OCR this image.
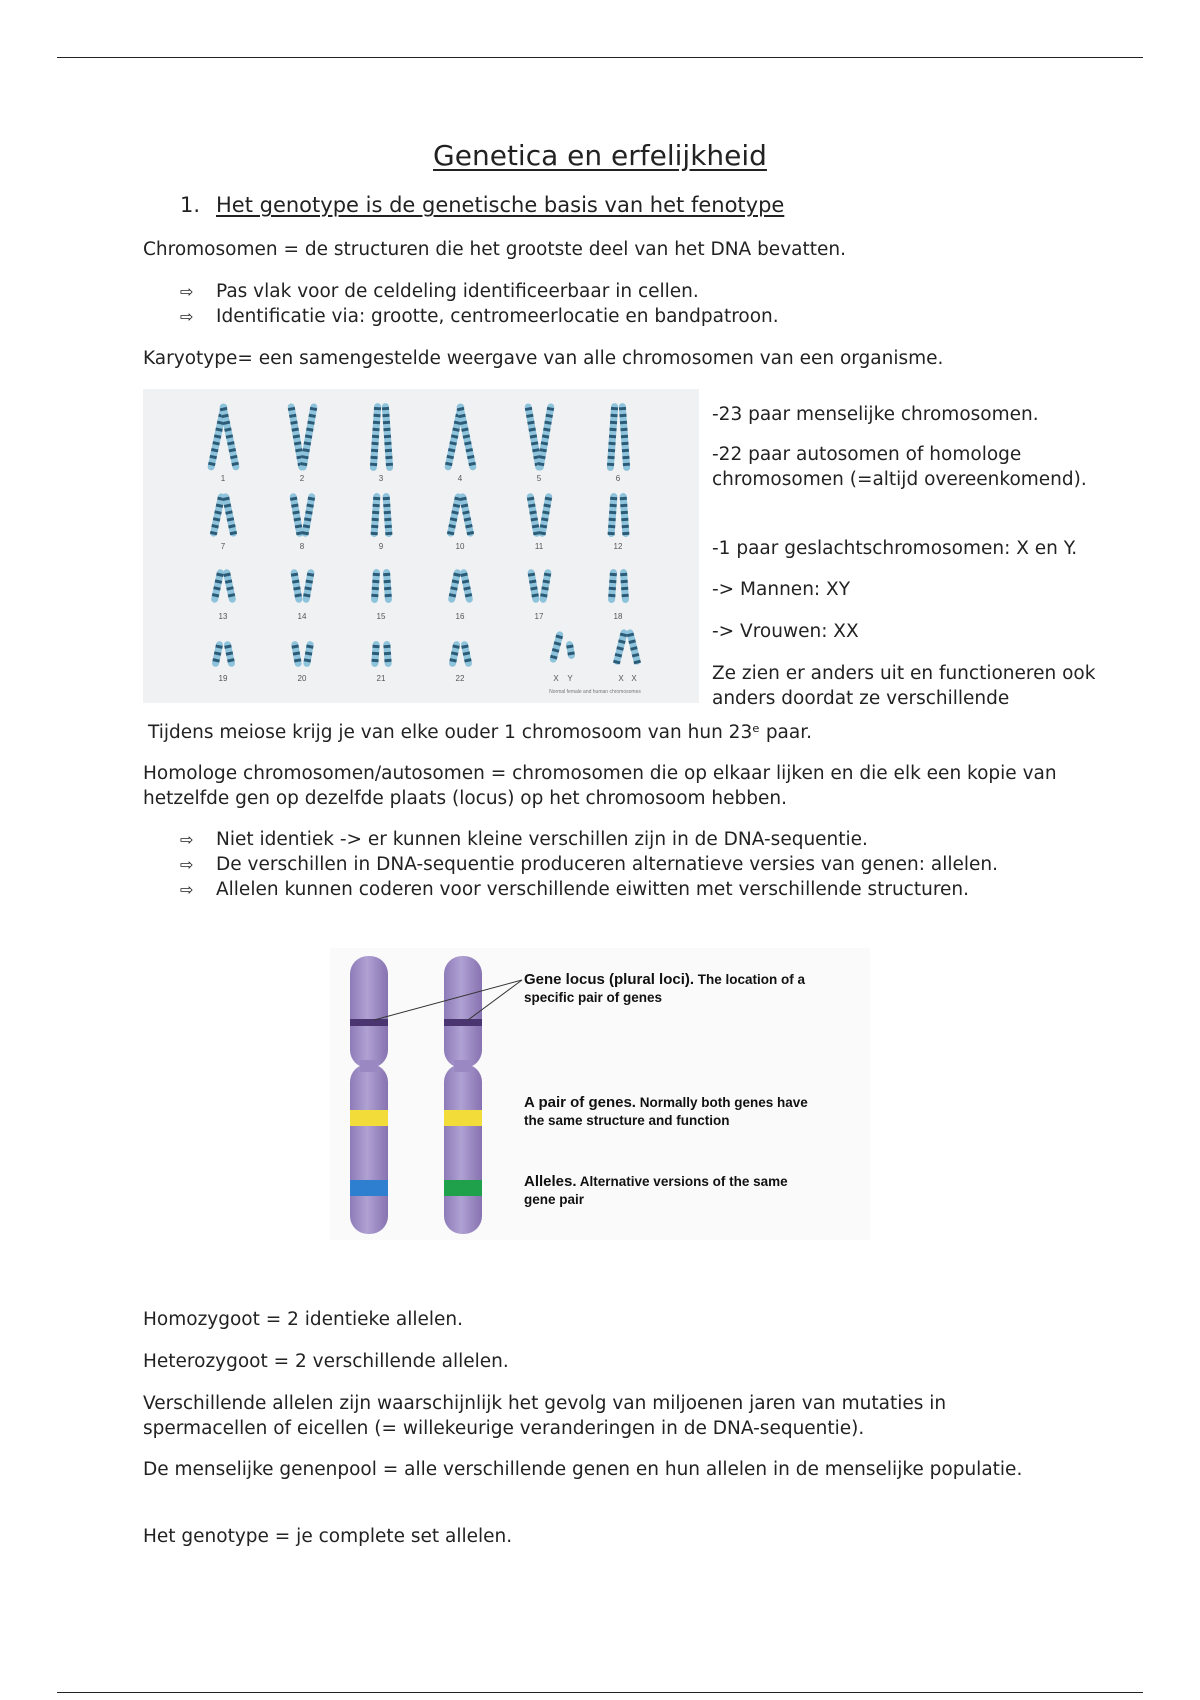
Genetica en erfelijkheid
1. Het genotype is de genetische basis van het fenotype
Chromosomen = de structuren die het grootste deel van het DNA bevatten.
⇨ Pas vlak voor de celdeling identificeerbaar in cellen.
⇨ Identificatie via: grootte, centromeerlocatie en bandpatroon.
Karyotype= een samengestelde weergave van alle chromosomen van een organisme.
1	2	3	4	5	6
7	8	9	10	11	12
13	14	15	16	17	18
19	20	21	22	X Y	X X
Normal female and human chromosomes
-23 paar menselijke chromosomen.
-22 paar autosomen of homologe chromosomen (=altijd overeenkomend).
-1 paar geslachtschromosomen: X en Y.
-> Mannen: XY
-> Vrouwen: XX
Ze zien er anders uit en functioneren ook anders doordat ze verschillende
Tijdens meiose krijg je van elke ouder 1 chromosoom van hun 23ᵉ paar.
Homologe chromosomen/autosomen = chromosomen die op elkaar lijken en die elk een kopie van hetzelfde gen op dezelfde plaats (locus) op het chromosoom hebben.
⇨ Niet identiek -> er kunnen kleine verschillen zijn in de DNA-sequentie.
⇨ De verschillen in DNA-sequentie produceren alternatieve versies van genen: allelen.
⇨ Allelen kunnen coderen voor verschillende eiwitten met verschillende structuren.
Gene locus (plural loci). The location of a
specific pair of genes
A pair of genes. Normally both genes have
the same structure and function
Alleles. Alternative versions of the same
gene pair
Homozygoot = 2 identieke allelen.
Heterozygoot = 2 verschillende allelen.
Verschillende allelen zijn waarschijnlijk het gevolg van miljoenen jaren van mutaties in spermacellen of eicellen (= willekeurige veranderingen in de DNA-sequentie).
De menselijke genenpool = alle verschillende genen en hun allelen in de menselijke populatie.
Het genotype = je complete set allelen.
